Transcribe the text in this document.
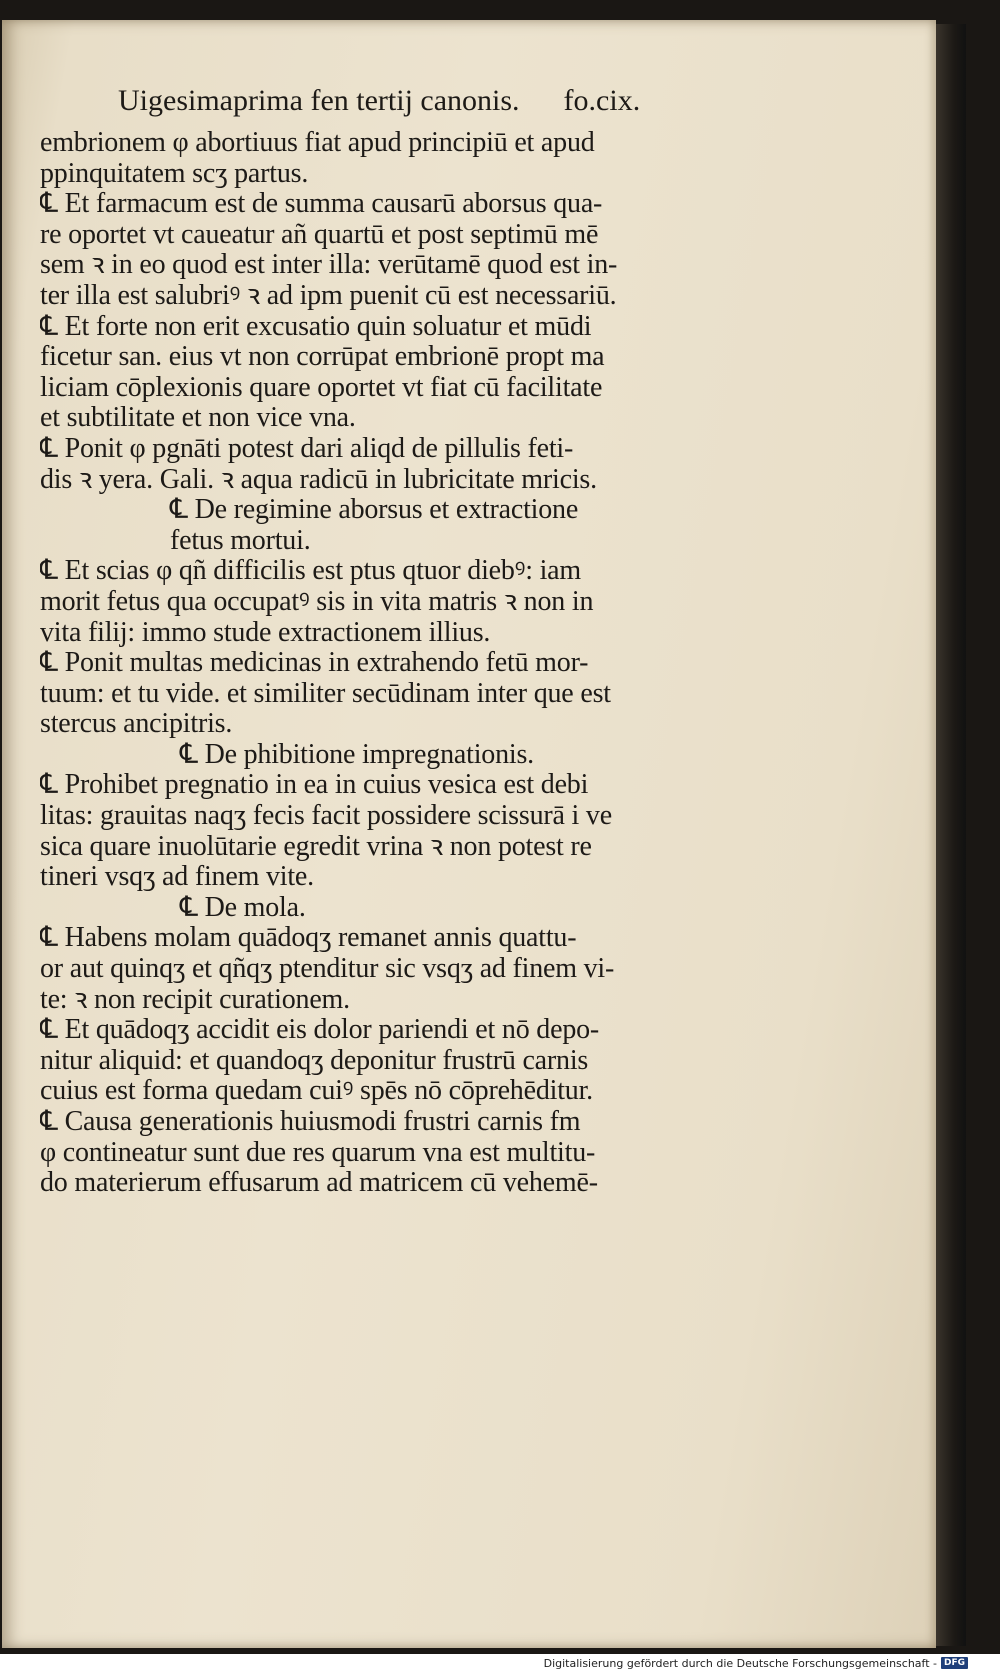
Uigesimaprima fen tertij canonis. fo.cix.
embrionem φ abortiuus fiat apud principiū et apud
ppinquitatem scʒ partus.
℄ Et farmacum est de summa causarū aborsus qua-
re oportet vt caueatur añ quartū et post septimū mē
sem ꝛ in eo quod est inter illa: verūtamē quod est in-
ter illa est salubriꝰ ꝛ ad ipm puenit cū est necessariū.
℄ Et forte non erit excusatio quin soluatur et mūdi
ficetur san. eius vt non corrūpat embrionē propt ma
liciam cōplexionis quare oportet vt fiat cū facilitate
et subtilitate et non vice vna.
℄ Ponit φ pgnāti potest dari aliqd de pillulis feti-
dis ꝛ yera. Gali. ꝛ aqua radicū in lubricitate mricis.
℄ De regimine aborsus et extractione
fetus mortui.
℄ Et scias φ qñ difficilis est ptus qtuor diebꝰ: iam
morit fetus qua occupatꝰ sis in vita matris ꝛ non in
vita filij: immo stude extractionem illius.
℄ Ponit multas medicinas in extrahendo fetū mor-
tuum: et tu vide. et similiter secūdinam inter que est
stercus ancipitris.
℄ De phibitione impregnationis.
℄ Prohibet pregnatio in ea in cuius vesica est debi
litas: grauitas naqʒ fecis facit possidere scissurā i ve
sica quare inuolūtarie egredit vrina ꝛ non potest re
tineri vsqʒ ad finem vite.
℄ De mola.
℄ Habens molam quādoqʒ remanet annis quattu-
or aut quinqʒ et qñqʒ ptenditur sic vsqʒ ad finem vi-
te: ꝛ non recipit curationem.
℄ Et quādoqʒ accidit eis dolor pariendi et nō depo-
nitur aliquid: et quandoqʒ deponitur frustrū carnis
cuius est forma quedam cuiꝰ spēs nō cōprehēditur.
℄ Causa generationis huiusmodi frustri carnis fm
φ contineatur sunt due res quarum vna est multitu-
do materierum effusarum ad matricem cū vehemē-
Digitalisierung gefördert durch die Deutsche Forschungsgemeinschaft - DFG
